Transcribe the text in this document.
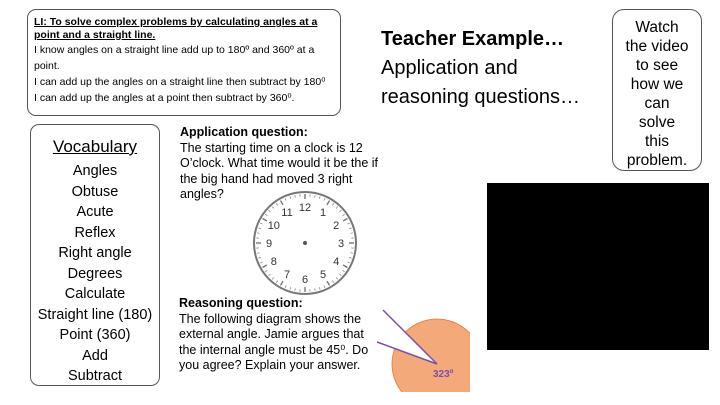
LI: To solve complex problems by calculating angles at a point and a straight line.
I know angles on a straight line add up to 180º and 360º at a point.
I can add up the angles on a straight line then subtract by 180⁰
I can add up the angles at a point then subtract by 360⁰.
Vocabulary
Angles
Obtuse
Acute
Reflex
Right angle
Degrees
Calculate
Straight line (180)
Point (360)
Add
Subtract
Application question:
The starting time on a clock is 12 O’clock. What time would it be the if the big hand had moved 3 right angles?
12 1
2
3
4
5
6
7
8
9
10
11
Reasoning question:
The following diagram shows the external angle. Jamie argues that the internal angle must be 45⁰. Do you agree? Explain your answer.
323º
Teacher Example…
Application and
reasoning questions…
Watch
the video
to see
how we
can
solve
this
problem.
